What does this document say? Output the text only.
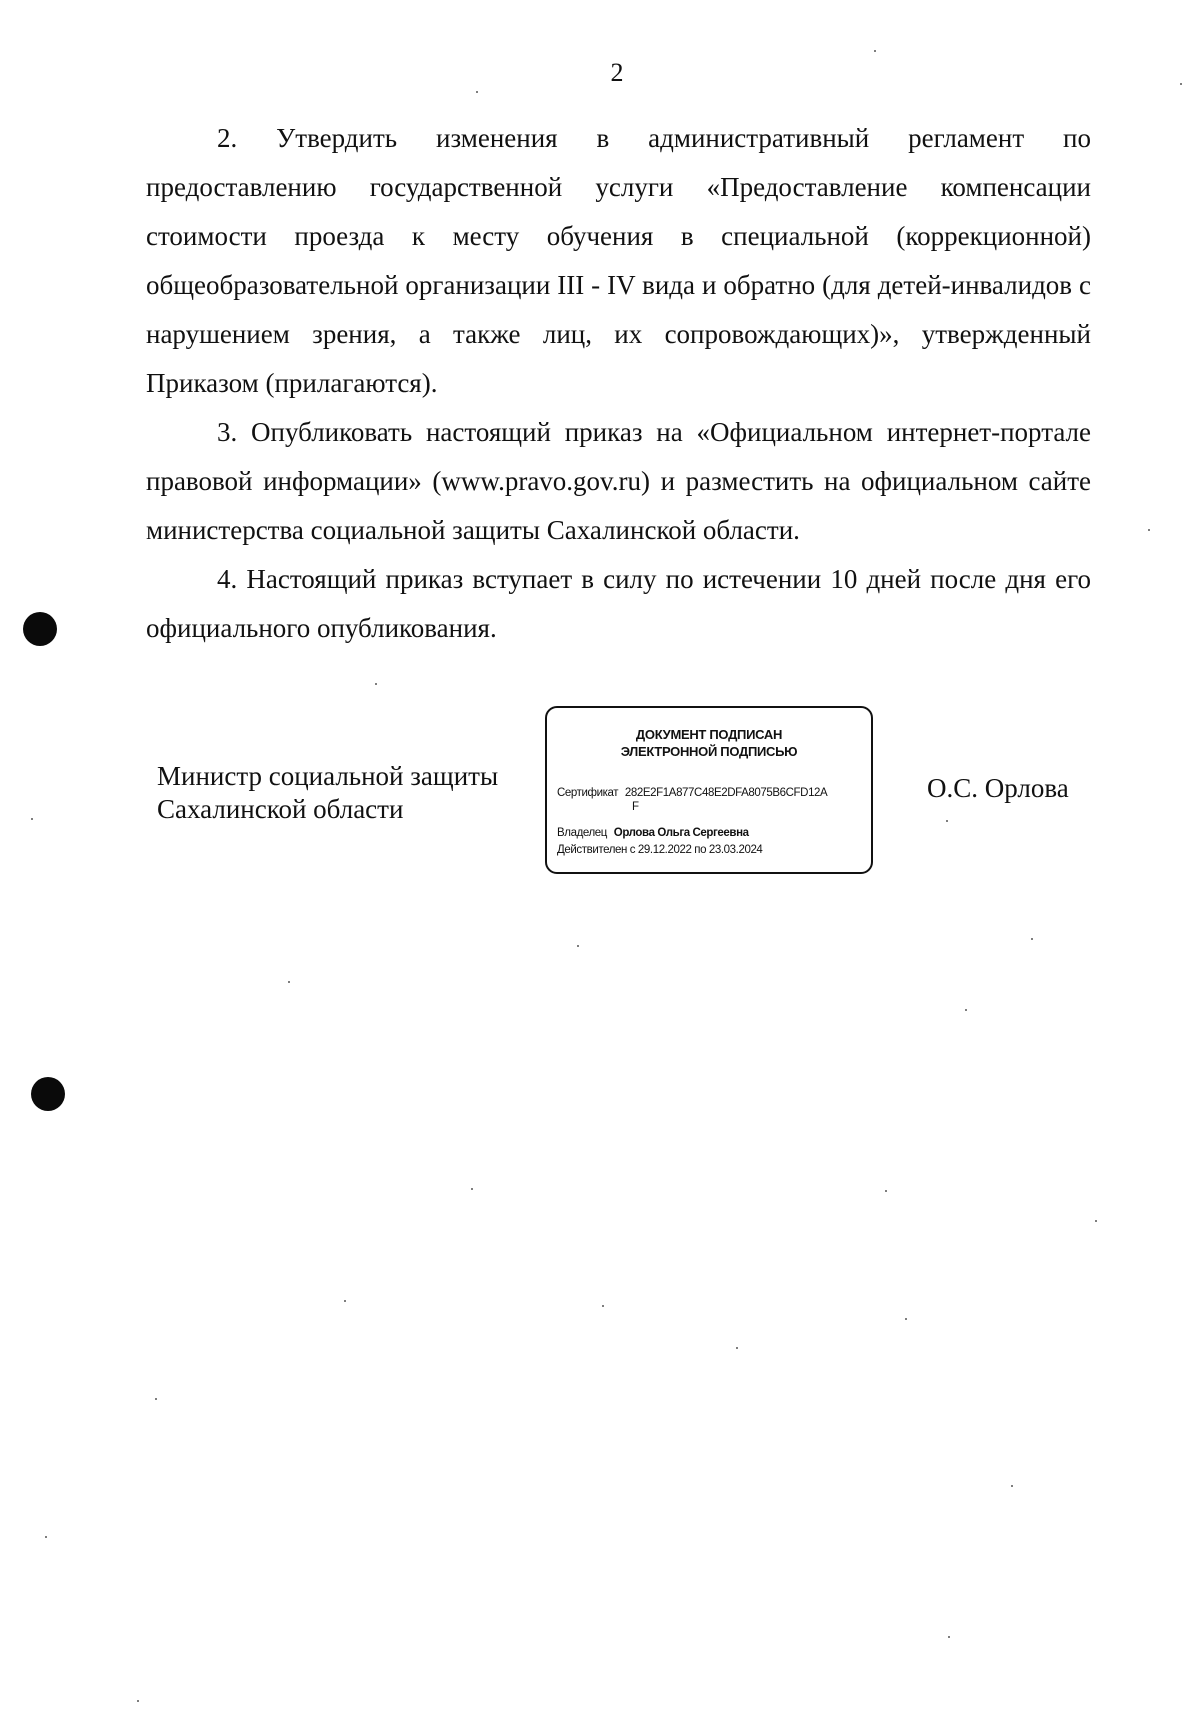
2

2. Утвердить изменения в административный регламент по предоставлению государственной услуги «Предоставление компенсации стоимости проезда к месту обучения в специальной (коррекционной) общеобразовательной организации III - IV вида и обратно (для детей-инвалидов с нарушением зрения, а также лиц, их сопровождающих)», утвержденный Приказом (прилагаются).

3. Опубликовать настоящий приказ на «Официальном интернет-портале правовой информации» (www.pravo.gov.ru) и разместить на официальном сайте министерства социальной защиты Сахалинской области.

4. Настоящий приказ вступает в силу по истечении 10 дней после дня его официального опубликования.

Министр социальной защиты
Сахалинской области
ДОКУМЕНТ ПОДПИСАН
ЭЛЕКТРОННОЙ ПОДПИСЬЮ
Сертификат 282E2F1A877C48E2DFA8075B6CFD12A
F
Владелец Орлова Ольга Сергеевна
Действителен с 29.12.2022 по 23.03.2024
О.С. Орлова
